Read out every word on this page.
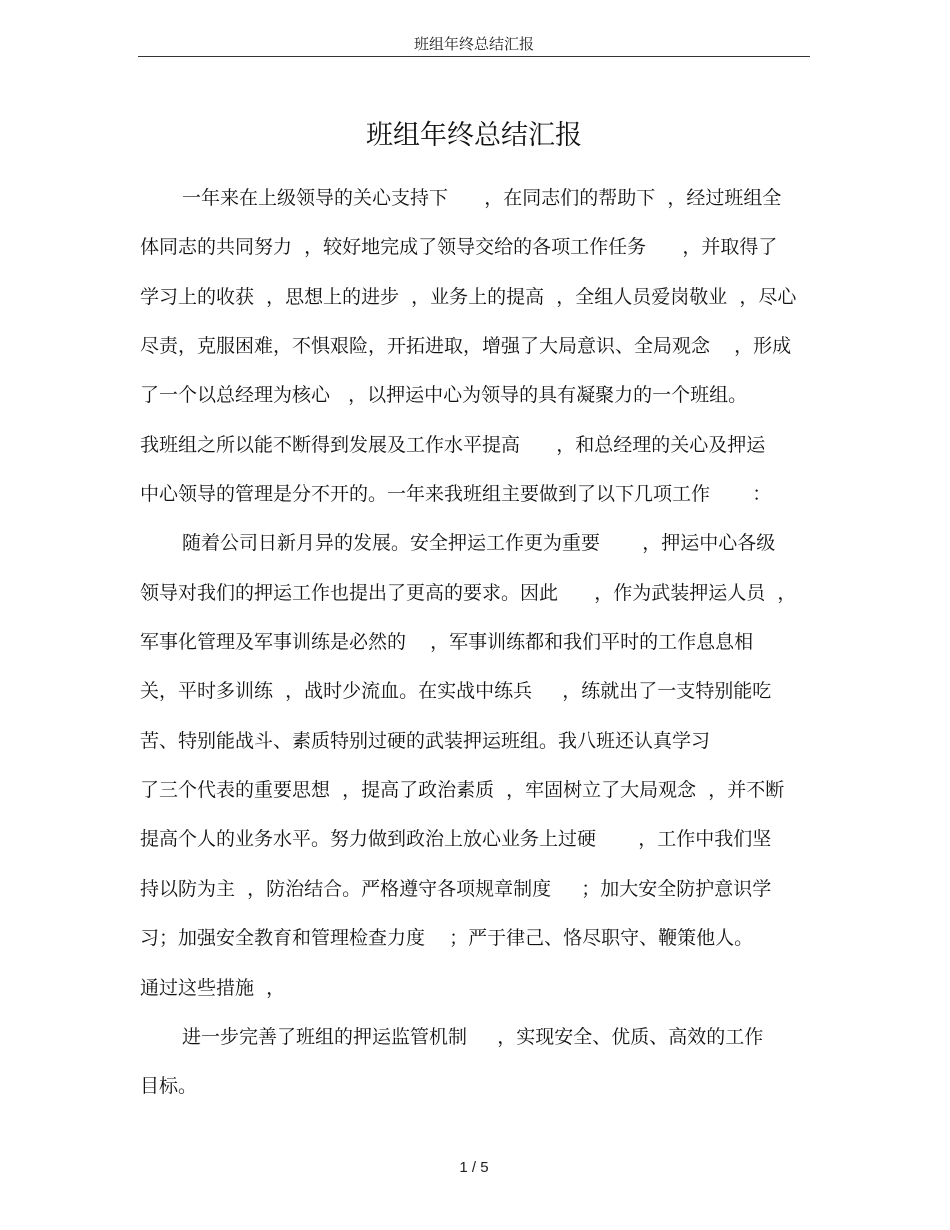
班组年终总结汇报
班组年终总结汇报
一年来在上级领导的关心支持下      ，在同志们的帮助下  ，经过班组全
体同志的共同努力  ，较好地完成了领导交给的各项工作任务      ，并取得了
学习上的收获  ，思想上的进步  ，业务上的提高  ，全组人员爱岗敬业  ，尽心
尽责，克服困难，不惧艰险，开拓进取，增强了大局意识、全局观念    ，形成
了一个以总经理为核心   ，以押运中心为领导的具有凝聚力的一个班组。
我班组之所以能不断得到发展及工作水平提高      ，和总经理的关心及押运
中心领导的管理是分不开的。一年来我班组主要做到了以下几项工作       ：
随着公司日新月异的发展。安全押运工作更为重要       ，押运中心各级
领导对我们的押运工作也提出了更高的要求。因此      ，作为武装押运人员  ，
军事化管理及军事训练是必然的    ，军事训练都和我们平时的工作息息相
关，平时多训练  ，战时少流血。在实战中练兵     ，练就出了一支特别能吃
苦、特别能战斗、素质特别过硬的武装押运班组。我八班还认真学习
了三个代表的重要思想  ，提高了政治素质  ，牢固树立了大局观念  ，并不断
提高个人的业务水平。努力做到政治上放心业务上过硬       ，工作中我们坚
持以防为主  ，防治结合。严格遵守各项规章制度     ；加大安全防护意识学
习；加强安全教育和管理检查力度    ；严于律己、恪尽职守、鞭策他人。
通过这些措施  ，
进一步完善了班组的押运监管机制     ，实现安全、优质、高效的工作
目标。
1 / 5
